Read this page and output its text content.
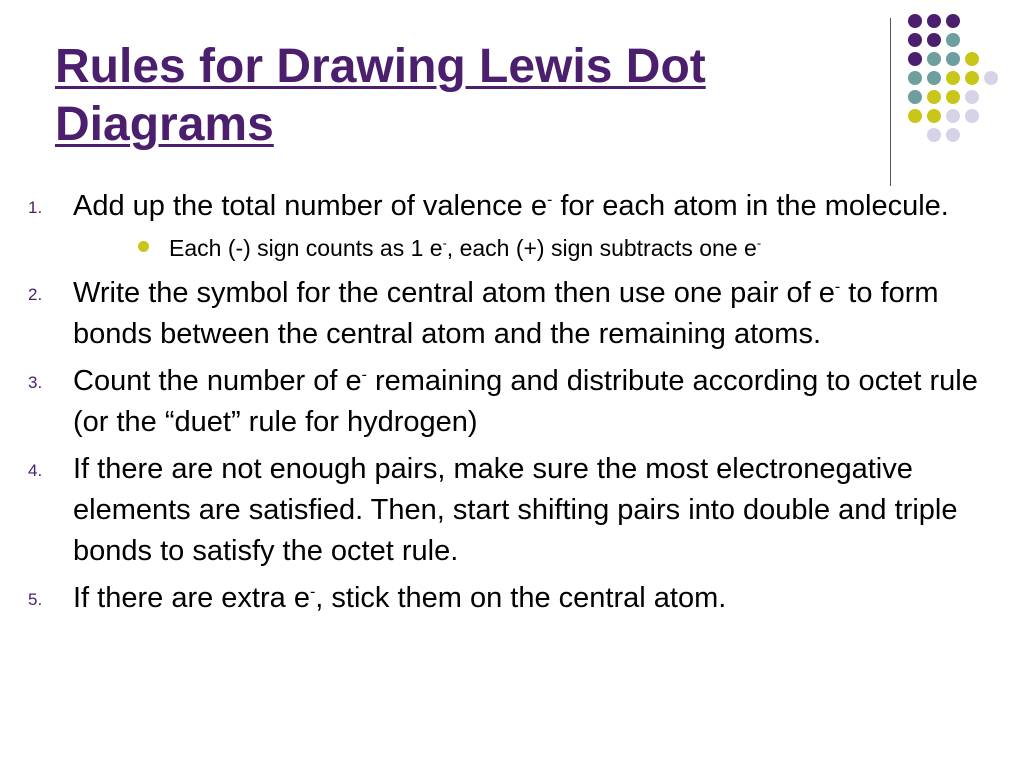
Rules for Drawing Lewis Dot Diagrams
1. Add up the total number of valence e- for each atom in the molecule.
Each (-) sign counts as 1 e-, each (+) sign subtracts one e-
2. Write the symbol for the central atom then use one pair of e- to form bonds between the central atom and the remaining atoms.
3. Count the number of e- remaining and distribute according to octet rule (or the “duet” rule for hydrogen)
4. If there are not enough pairs, make sure the most electronegative elements are satisfied. Then, start shifting pairs into double and triple bonds to satisfy the octet rule.
5. If there are extra e-, stick them on the central atom.
